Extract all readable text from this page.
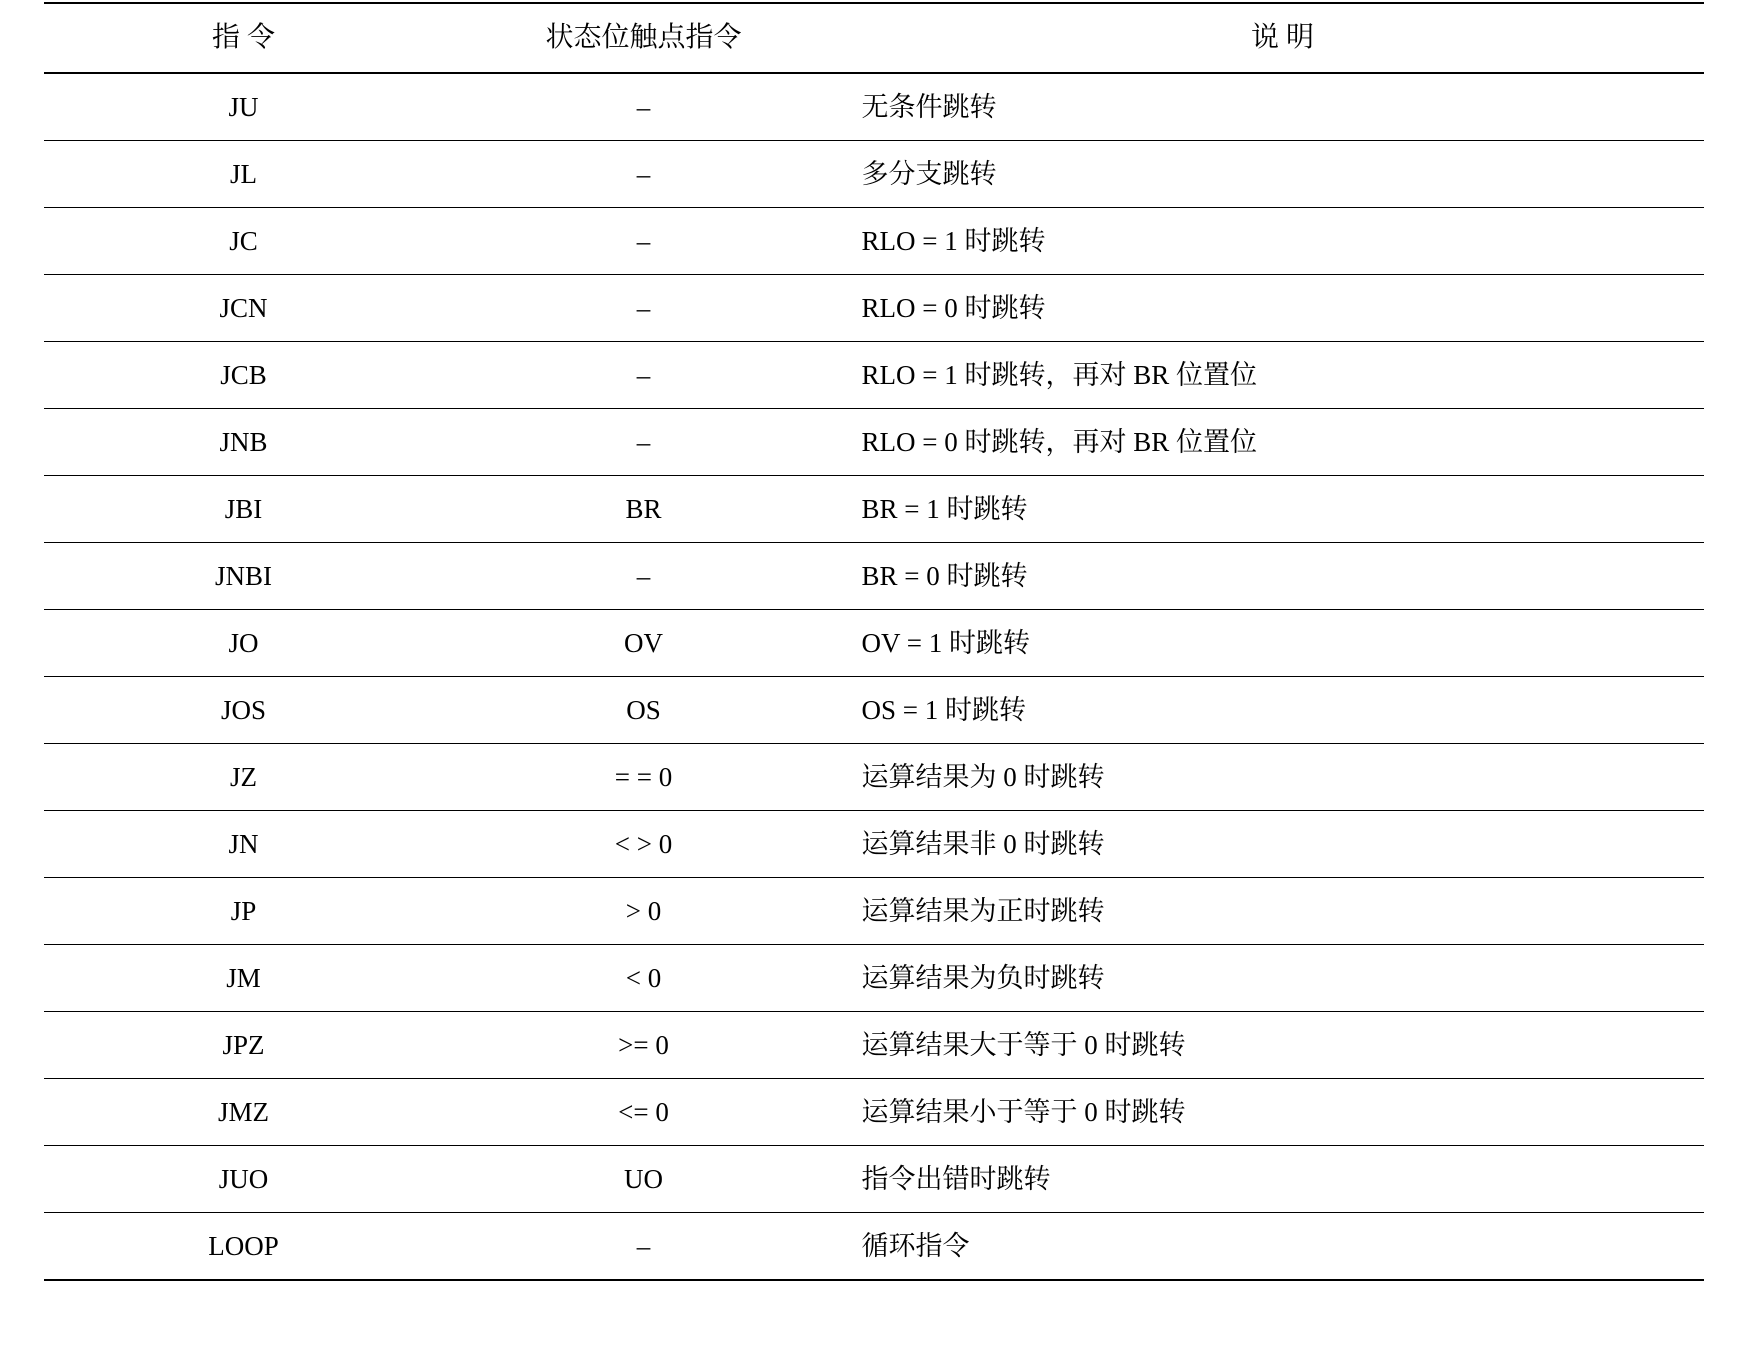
指 令	状态位触点指令	说 明
JU	–	无条件跳转
JL	–	多分支跳转
JC	–	RLO = 1 时跳转
JCN	–	RLO = 0 时跳转
JCB	–	RLO = 1 时跳转，再对 BR 位置位
JNB	–	RLO = 0 时跳转，再对 BR 位置位
JBI	BR	BR = 1 时跳转
JNBI	–	BR = 0 时跳转
JO	OV	OV = 1 时跳转
JOS	OS	OS = 1 时跳转
JZ	= = 0	运算结果为 0 时跳转
JN	< > 0	运算结果非 0 时跳转
JP	> 0	运算结果为正时跳转
JM	< 0	运算结果为负时跳转
JPZ	>= 0	运算结果大于等于 0 时跳转
JMZ	<= 0	运算结果小于等于 0 时跳转
JUO	UO	指令出错时跳转
LOOP	–	循环指令
